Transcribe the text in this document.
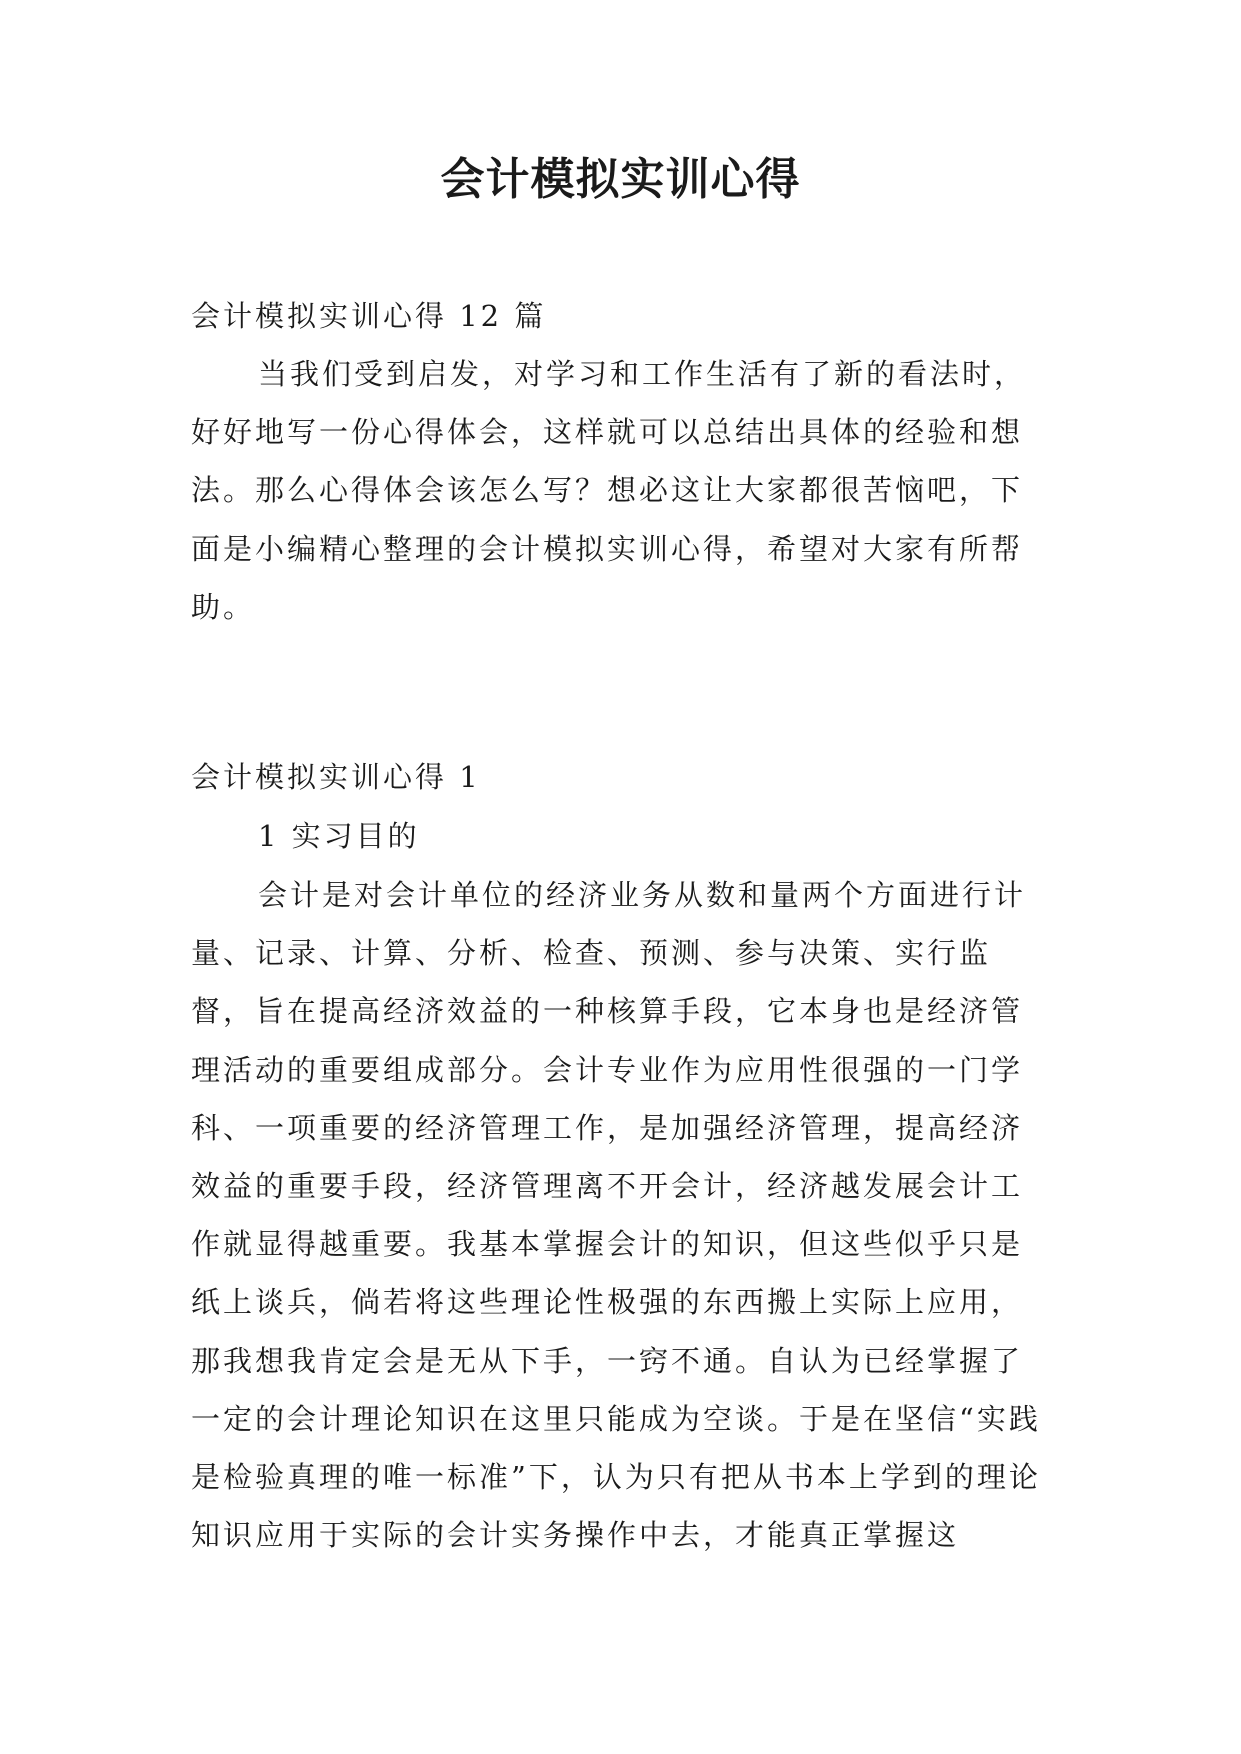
会计模拟实训心得

会计模拟实训心得 12 篇

当我们受到启发，对学习和工作生活有了新的看法时，好好地写一份心得体会，这样就可以总结出具体的经验和想法。那么心得体会该怎么写？想必这让大家都很苦恼吧，下面是小编精心整理的会计模拟实训心得，希望对大家有所帮助。

会计模拟实训心得 1

1 实习目的

会计是对会计单位的经济业务从数和量两个方面进行计量、记录、计算、分析、检查、预测、参与决策、实行监督，旨在提高经济效益的一种核算手段，它本身也是经济管理活动的重要组成部分。会计专业作为应用性很强的一门学科、一项重要的经济管理工作，是加强经济管理，提高经济效益的重要手段，经济管理离不开会计，经济越发展会计工作就显得越重要。我基本掌握会计的知识，但这些似乎只是纸上谈兵，倘若将这些理论性极强的东西搬上实际上应用，那我想我肯定会是无从下手，一窍不通。自认为已经掌握了一定的会计理论知识在这里只能成为空谈。于是在坚信“实践是检验真理的唯一标准”下，认为只有把从书本上学到的理论知识应用于实际的会计实务操作中去，才能真正掌握这
